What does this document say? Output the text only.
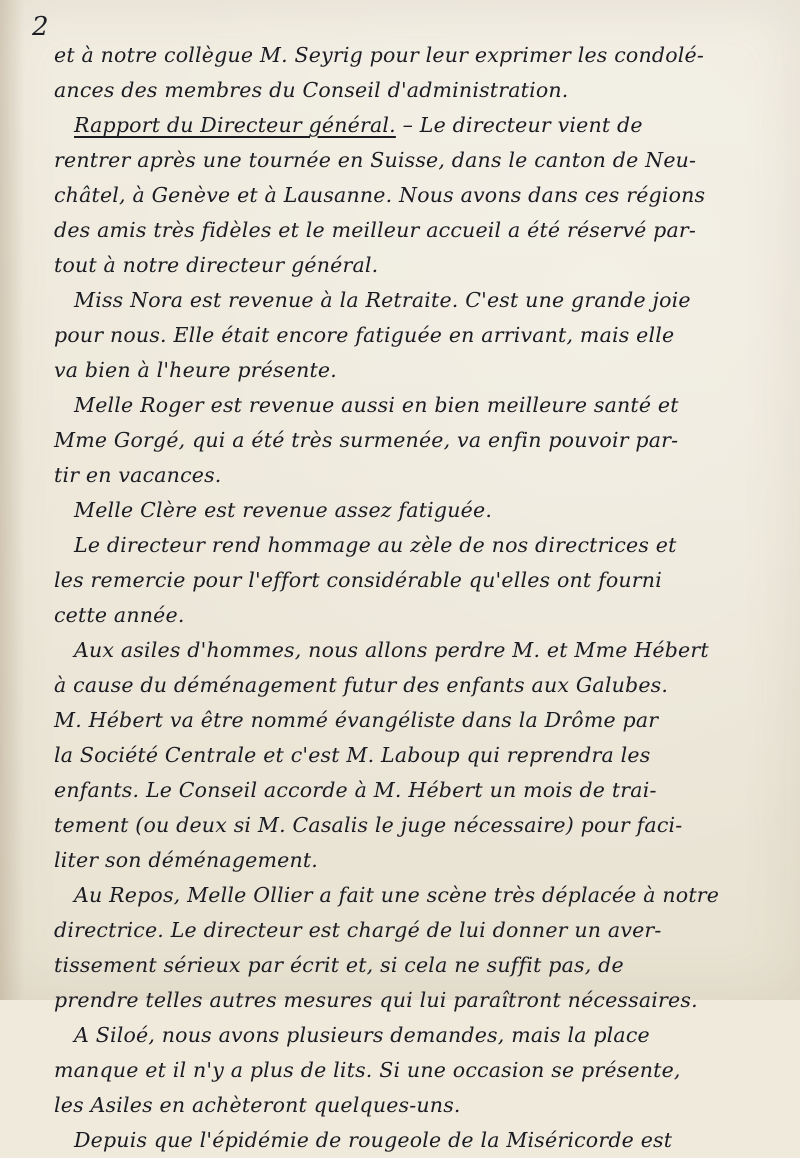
2

et à notre collègue M. Seyrig pour leur exprimer les condolé-
ances des membres du Conseil d'administration.
Rapport du Directeur général. – Le directeur vient de
rentrer après une tournée en Suisse, dans le canton de Neu-
châtel, à Genève et à Lausanne. Nous avons dans ces régions
des amis très fidèles et le meilleur accueil a été réservé par-
tout à notre directeur général.
Miss Nora est revenue à la Retraite. C'est une grande joie
pour nous. Elle était encore fatiguée en arrivant, mais elle
va bien à l'heure présente.
Melle Roger est revenue aussi en bien meilleure santé et
Mme Gorgé, qui a été très surmenée, va enfin pouvoir par-
tir en vacances.
Melle Clère est revenue assez fatiguée.
Le directeur rend hommage au zèle de nos directrices et
les remercie pour l'effort considérable qu'elles ont fourni
cette année.
Aux asiles d'hommes, nous allons perdre M. et Mme Hébert
à cause du déménagement futur des enfants aux Galubes.
M. Hébert va être nommé évangéliste dans la Drôme par
la Société Centrale et c'est M. Laboup qui reprendra les
enfants. Le Conseil accorde à M. Hébert un mois de trai-
tement (ou deux si M. Casalis le juge nécessaire) pour faci-
liter son déménagement.
Au Repos, Melle Ollier a fait une scène très déplacée à notre
directrice. Le directeur est chargé de lui donner un aver-
tissement sérieux par écrit et, si cela ne suffit pas, de
prendre telles autres mesures qui lui paraîtront nécessaires.
A Siloé, nous avons plusieurs demandes, mais la place
manque et il n'y a plus de lits. Si une occasion se présente,
les Asiles en achèteront quelques-uns.
Depuis que l'épidémie de rougeole de la Miséricorde est
